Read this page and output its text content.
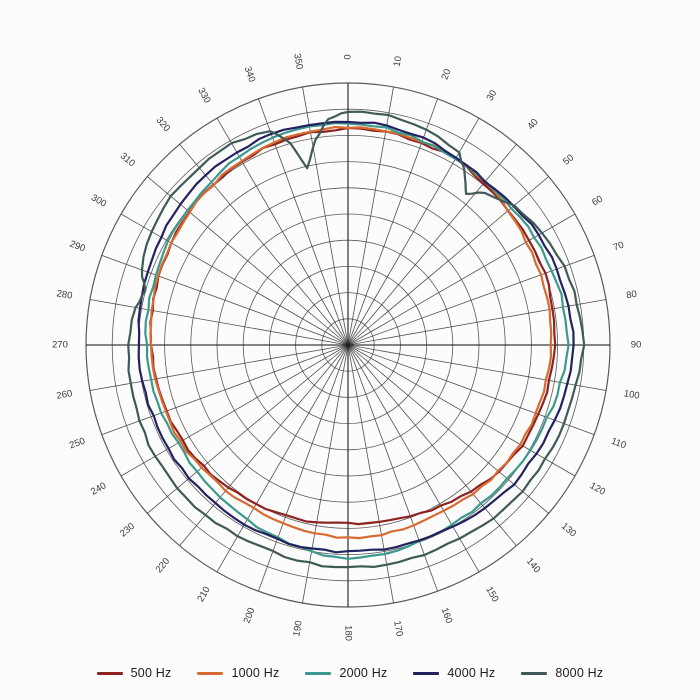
0	10
20
30
40
50
60
70
80
90
100
110
120
130
140
150
160
170
180
190
200
210
220
230
240
250
260
270
280
290
300
310
320
330
340
350
500 Hz	1000 Hz	2000 Hz	4000 Hz	8000 Hz
